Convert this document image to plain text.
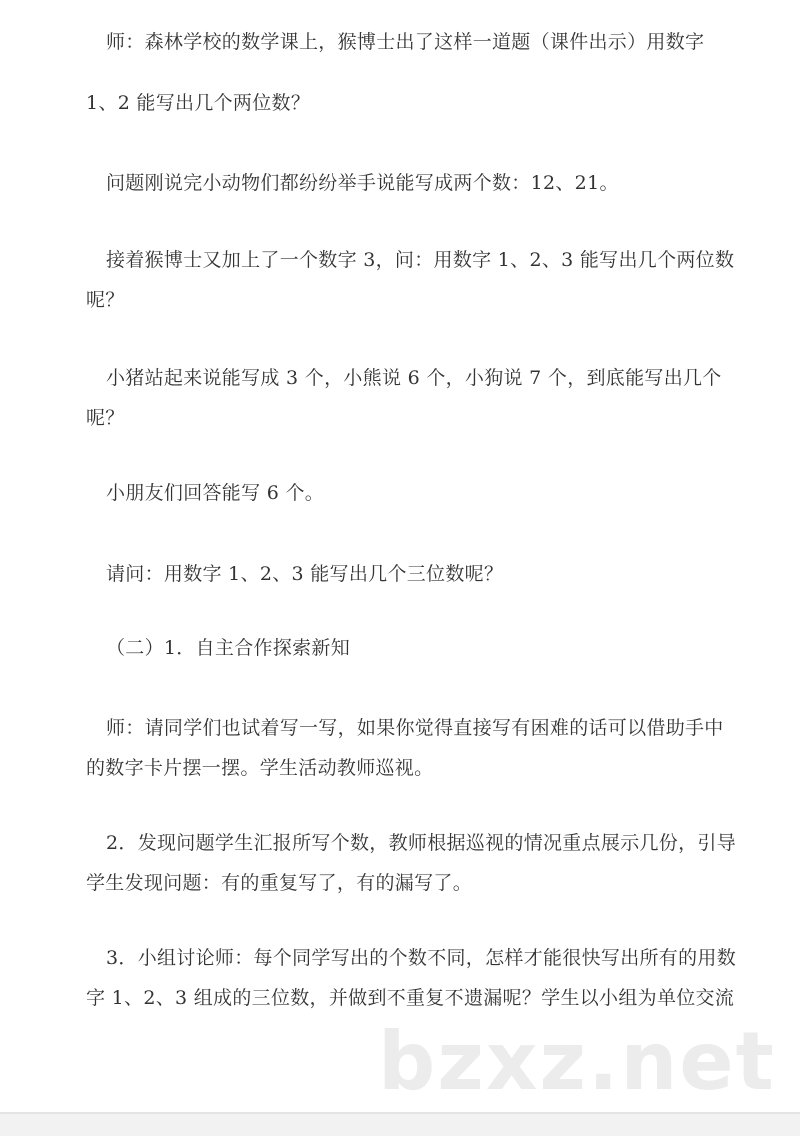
师：森林学校的数学课上，猴博士出了这样一道题（课件出示）用数字
1、2 能写出几个两位数？
问题刚说完小动物们都纷纷举手说能写成两个数：12、21。
接着猴博士又加上了一个数字 3，问：用数字 1、2、3 能写出几个两位数
呢？
小猪站起来说能写成 3 个，小熊说 6 个，小狗说 7 个，到底能写出几个
呢？
小朋友们回答能写 6 个。
请问：用数字 1、2、3 能写出几个三位数呢？
（二）1．自主合作探索新知
师：请同学们也试着写一写，如果你觉得直接写有困难的话可以借助手中
的数字卡片摆一摆。学生活动教师巡视。
2．发现问题学生汇报所写个数，教师根据巡视的情况重点展示几份，引导
学生发现问题：有的重复写了，有的漏写了。
3．小组讨论师：每个同学写出的个数不同，怎样才能很快写出所有的用数
字 1、2、3 组成的三位数，并做到不重复不遗漏呢？学生以小组为单位交流
bzxz.net
